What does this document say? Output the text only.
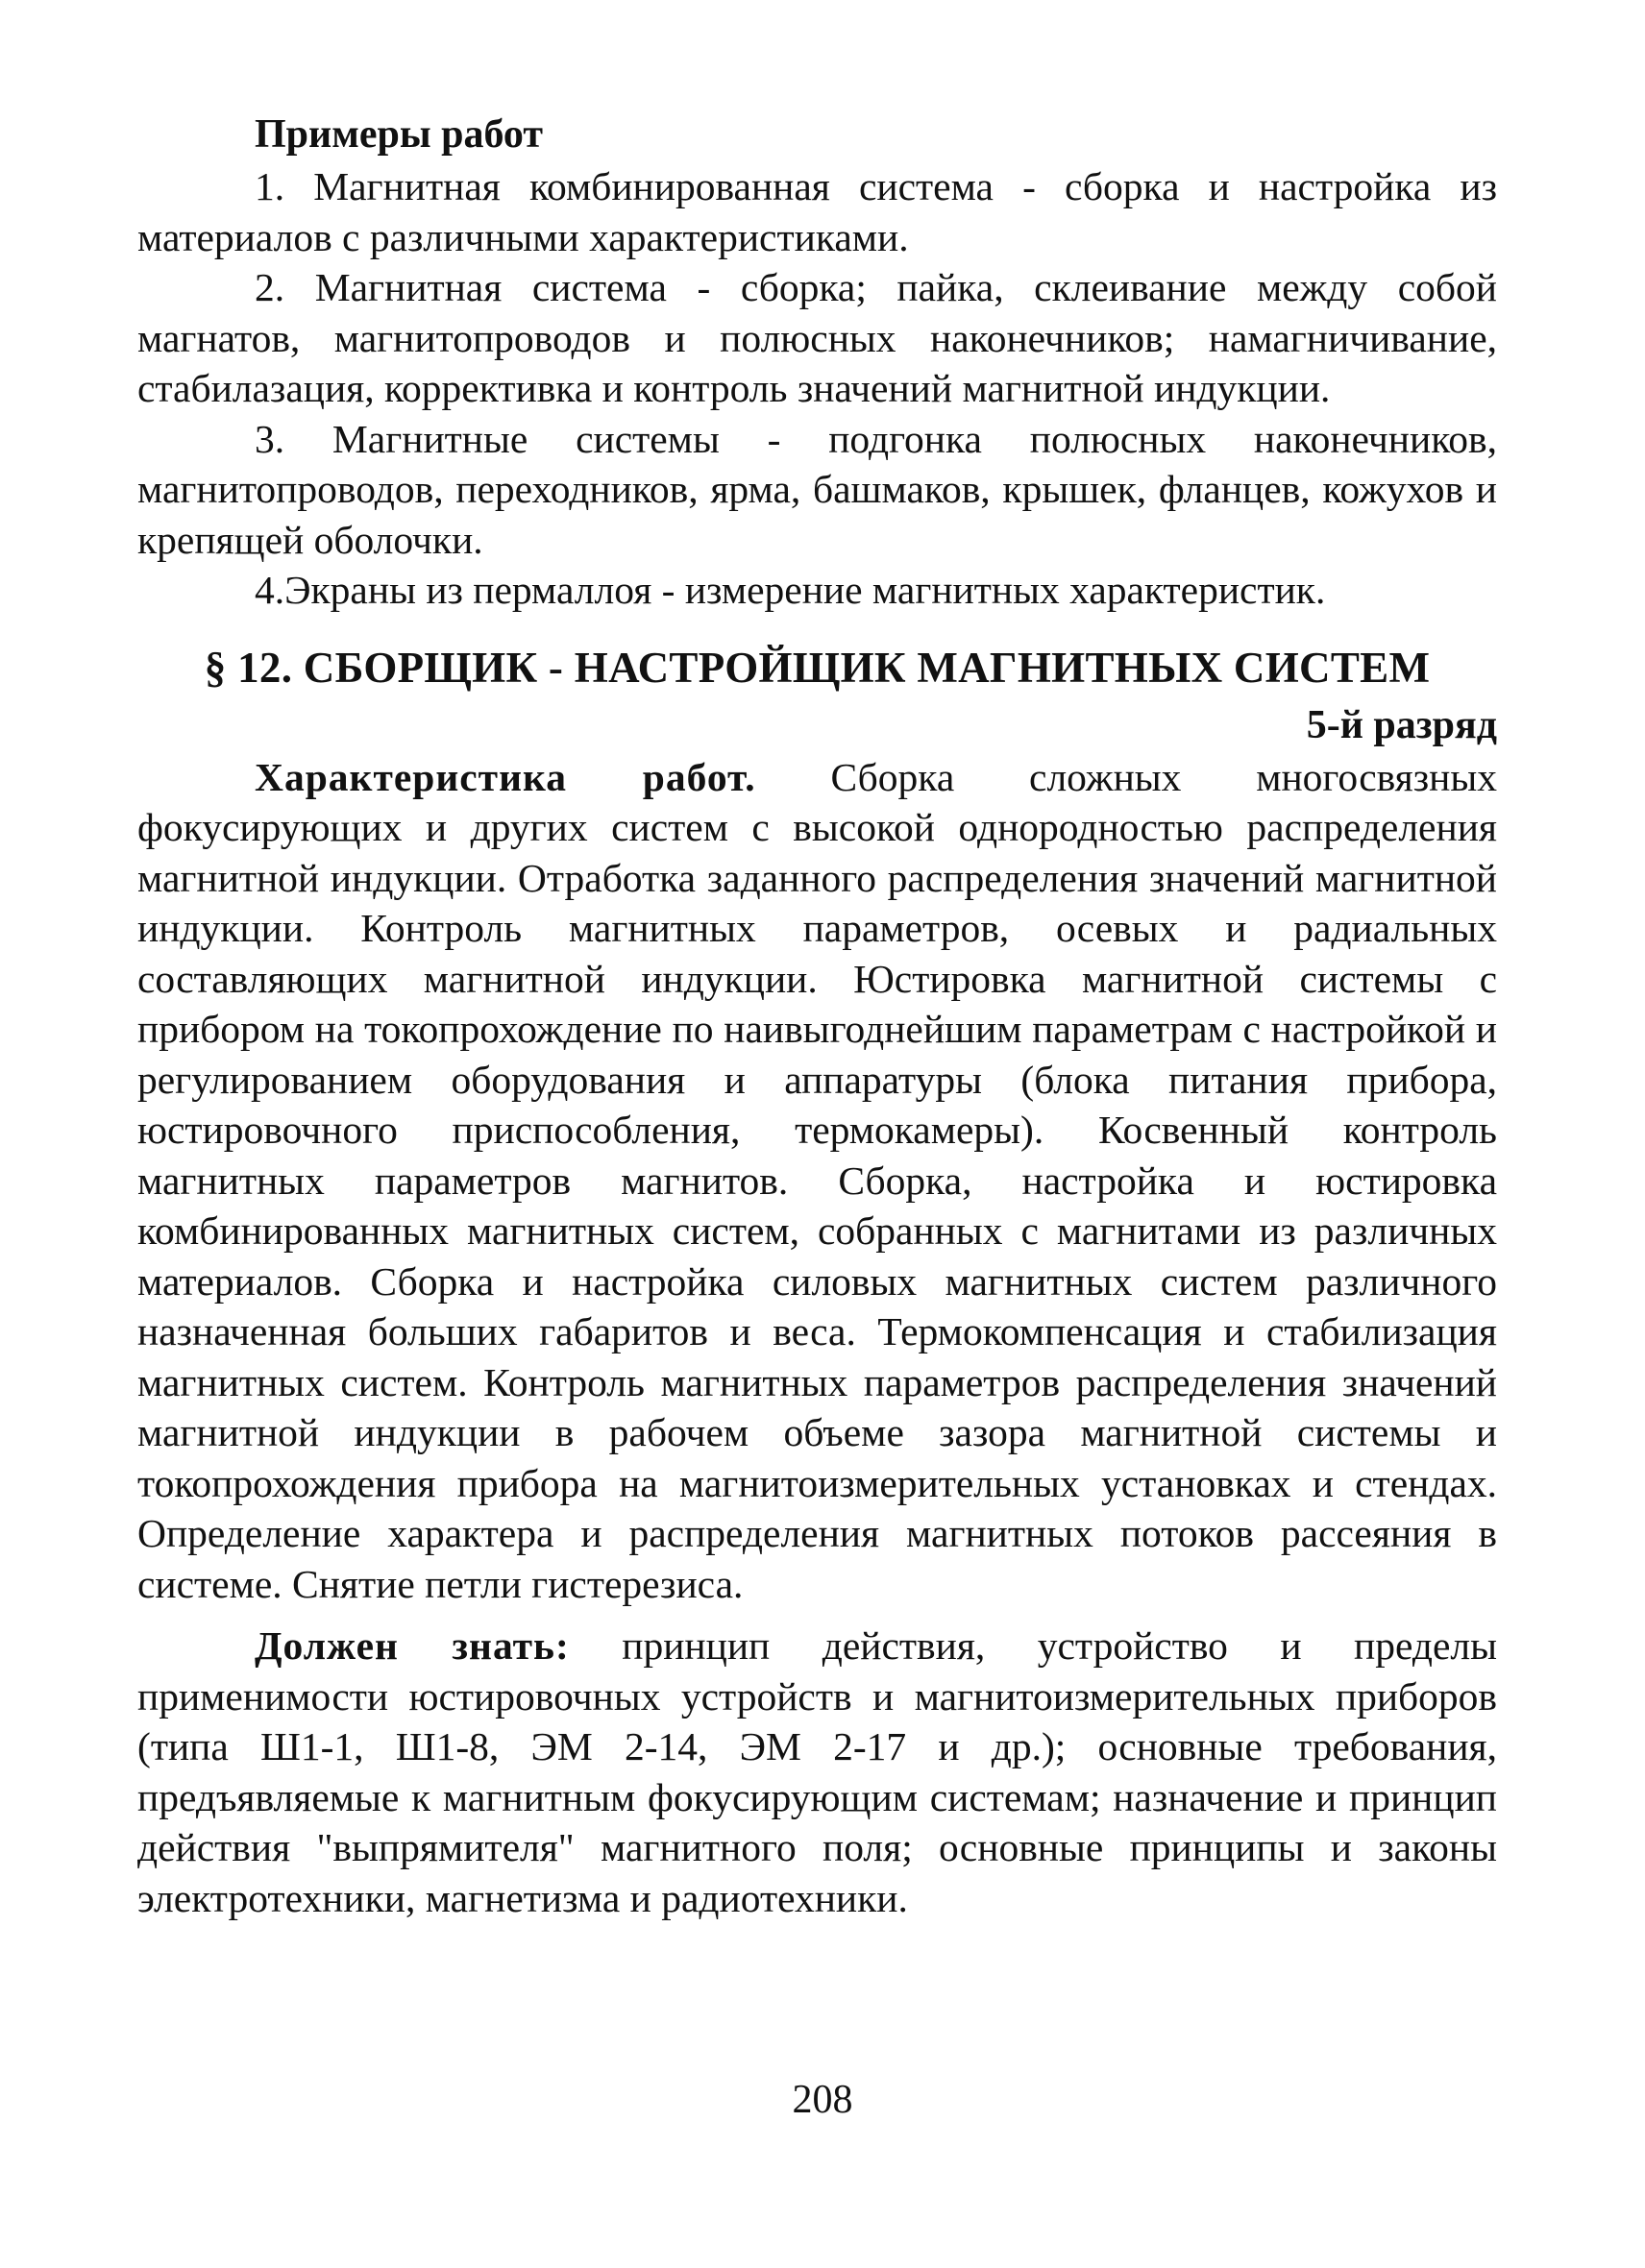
Примеры работ

1. Магнитная комбинированная система - сборка и настройка из материалов с различными характеристиками.

2. Магнитная система - сборка; пайка, склеивание между собой магнатов, магнитопроводов и полюсных наконечников; намагничивание, стабилазация, коррективка и контроль значений магнитной индукции.

3. Магнитные системы - подгонка полюсных наконечников, магнитопроводов, переходников, ярма, башмаков, крышек, фланцев, кожухов и крепящей оболочки.

4.Экраны из пермаллоя - измерение магнитных характеристик.

§ 12. СБОРЩИК - НАСТРОЙЩИК МАГНИТНЫХ СИСТЕМ
5-й разряд

Характеристика работ. Сборка сложных многосвязных фокусирующих и других систем с высокой однородностью распределения магнитной индукции. Отработка заданного распределения значений магнитной индукции. Контроль магнитных параметров, осевых и радиальных составляющих магнитной индукции. Юстировка магнитной системы с прибором на токопрохождение по наивыгоднейшим параметрам с настройкой и регулированием оборудования и аппаратуры (блока питания прибора, юстировочного приспособления, термокамеры). Косвенный контроль магнитных параметров магнитов. Сборка, настройка и юстировка комбинированных магнитных систем, собранных с магнитами из различных материалов. Сборка и настройка силовых магнитных систем различного назначенная больших габаритов и веса. Термокомпенсация и стабилизация магнитных систем. Контроль магнитных параметров распределения значений магнитной индукции в рабочем объеме зазора магнитной системы и токопрохождения прибора на магнитоизмерительных установках и стендах. Определение характера и распределения магнитных потоков рассеяния в системе. Снятие петли гистерезиса.

Должен знать: принцип действия, устройство и пределы применимости юстировочных устройств и магнитоизмерительных приборов (типа Ш1-1, Ш1-8, ЭМ 2-14, ЭМ 2-17 и др.); основные требования, предъявляемые к магнитным фокусирующим системам; назначение и принцип действия "выпрямителя" магнитного поля; основные принципы и законы электротехники, магнетизма и радиотехники.

208
